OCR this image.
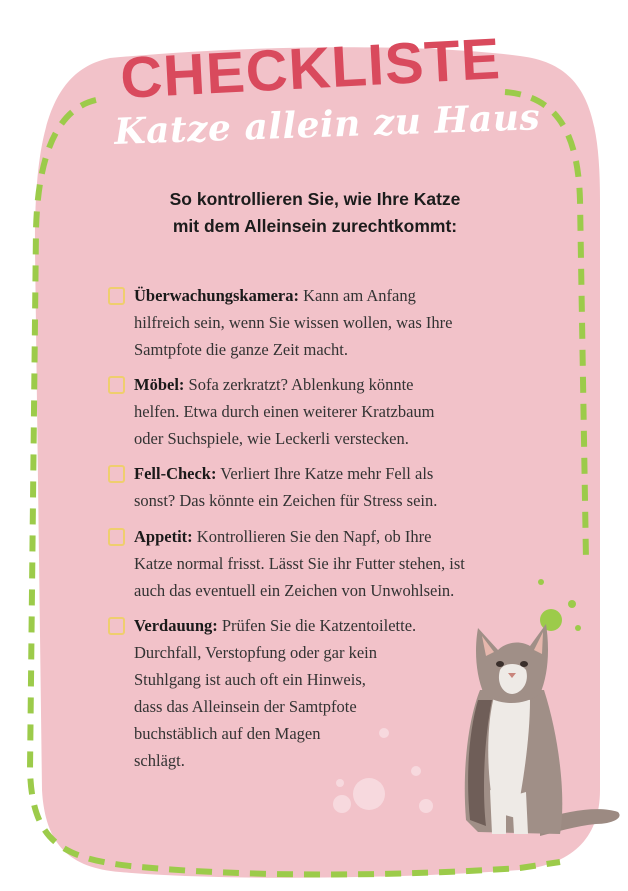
CHECKLISTE
Katze allein zu Haus
So kontrollieren Sie, wie Ihre Katze
mit dem Alleinsein zurechtkommt:
Überwachungskamera: Kann am Anfang
hilfreich sein, wenn Sie wissen wollen, was Ihre
Samtpfote die ganze Zeit macht.
Möbel: Sofa zerkratzt? Ablenkung könnte
helfen. Etwa durch einen weiterer Kratzbaum
oder Suchspiele, wie Leckerli verstecken.
Fell-Check: Verliert Ihre Katze mehr Fell als
sonst? Das könnte ein Zeichen für Stress sein.
Appetit: Kontrollieren Sie den Napf, ob Ihre
Katze normal frisst. Lässt Sie ihr Futter stehen, ist
auch das eventuell ein Zeichen von Unwohlsein.
Verdauung: Prüfen Sie die Katzentoilette.
Durchfall, Verstopfung oder gar kein
Stuhlgang ist auch oft ein Hinweis,
dass das Alleinsein der Samtpfote
buchstäblich auf den Magen
schlägt.
